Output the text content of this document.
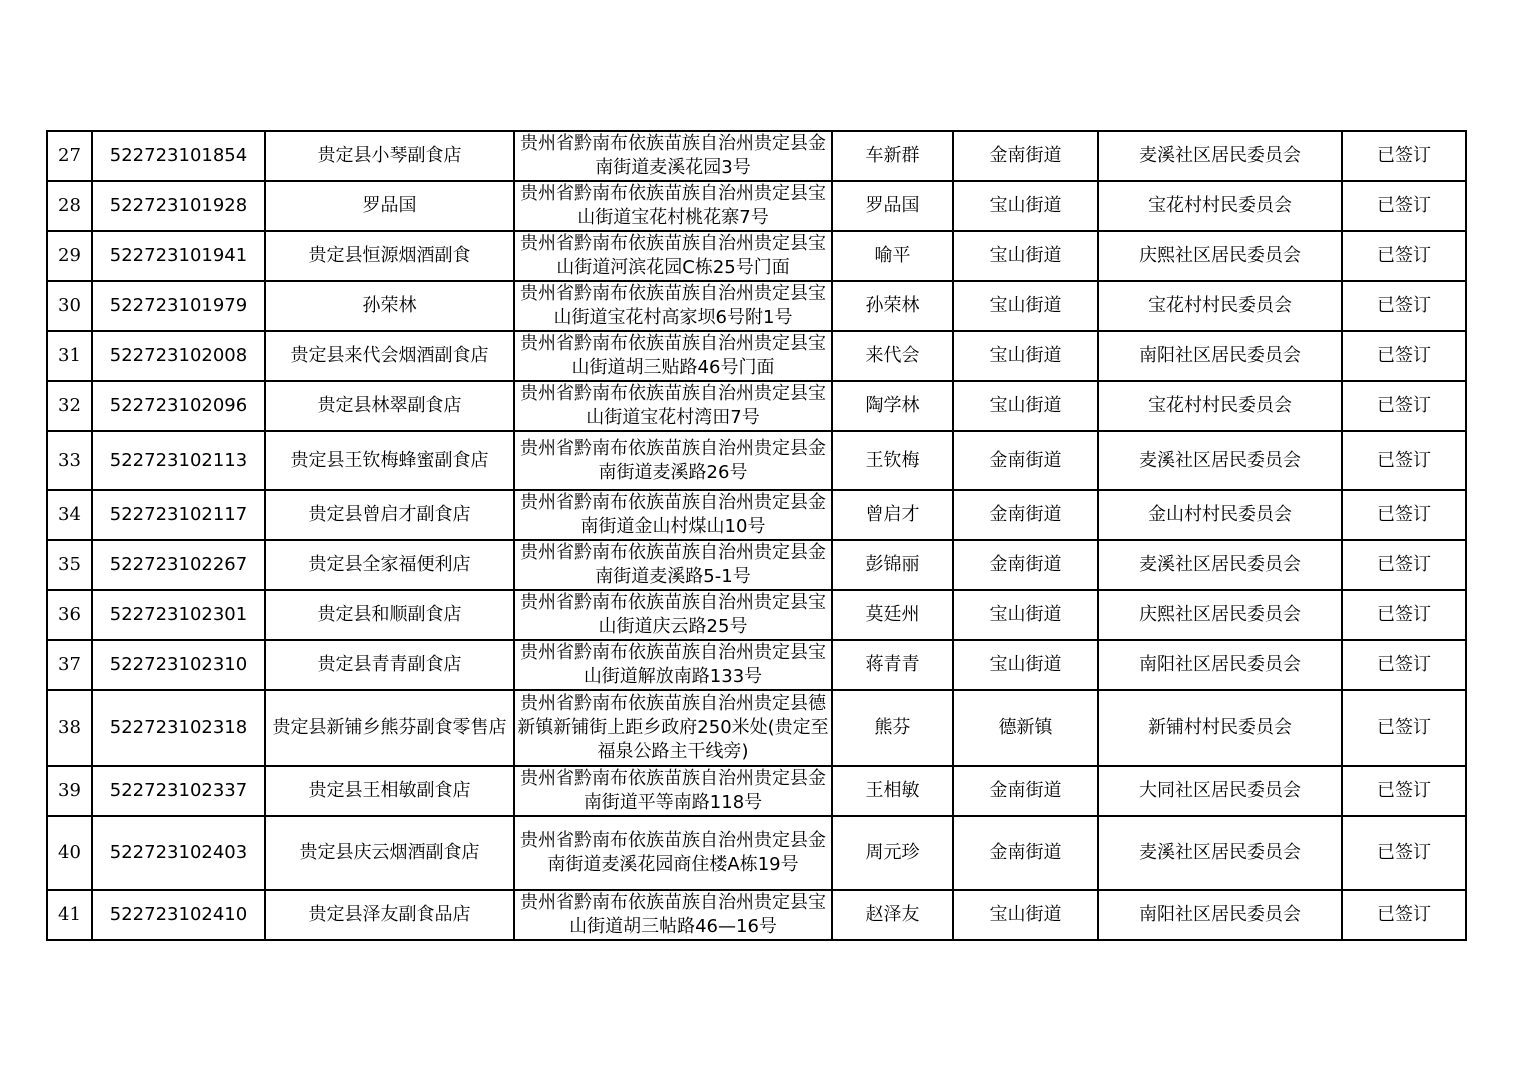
27	522723101854	贵定县小琴副食店	贵州省黔南布依族苗族自治州贵定县金南街道麦溪花园3号	车新群	金南街道	麦溪社区居民委员会	已签订
28	522723101928	罗品国	贵州省黔南布依族苗族自治州贵定县宝山街道宝花村桃花寨7号	罗品国	宝山街道	宝花村村民委员会	已签订
29	522723101941	贵定县恒源烟酒副食	贵州省黔南布依族苗族自治州贵定县宝山街道河滨花园C栋25号门面	喻平	宝山街道	庆熙社区居民委员会	已签订
30	522723101979	孙荣林	贵州省黔南布依族苗族自治州贵定县宝山街道宝花村高家坝6号附1号	孙荣林	宝山街道	宝花村村民委员会	已签订
31	522723102008	贵定县来代会烟酒副食店	贵州省黔南布依族苗族自治州贵定县宝山街道胡三贴路46号门面	来代会	宝山街道	南阳社区居民委员会	已签订
32	522723102096	贵定县林翠副食店	贵州省黔南布依族苗族自治州贵定县宝山街道宝花村湾田7号	陶学林	宝山街道	宝花村村民委员会	已签订
33	522723102113	贵定县王钦梅蜂蜜副食店	贵州省黔南布依族苗族自治州贵定县金南街道麦溪路26号	王钦梅	金南街道	麦溪社区居民委员会	已签订
34	522723102117	贵定县曾启才副食店	贵州省黔南布依族苗族自治州贵定县金南街道金山村煤山10号	曾启才	金南街道	金山村村民委员会	已签订
35	522723102267	贵定县全家福便利店	贵州省黔南布依族苗族自治州贵定县金南街道麦溪路5-1号	彭锦丽	金南街道	麦溪社区居民委员会	已签订
36	522723102301	贵定县和顺副食店	贵州省黔南布依族苗族自治州贵定县宝山街道庆云路25号	莫廷州	宝山街道	庆熙社区居民委员会	已签订
37	522723102310	贵定县青青副食店	贵州省黔南布依族苗族自治州贵定县宝山街道解放南路133号	蒋青青	宝山街道	南阳社区居民委员会	已签订
38	522723102318	贵定县新铺乡熊芬副食零售店	贵州省黔南布依族苗族自治州贵定县德新镇新铺街上距乡政府250米处(贵定至福泉公路主干线旁)	熊芬	德新镇	新铺村村民委员会	已签订
39	522723102337	贵定县王相敏副食店	贵州省黔南布依族苗族自治州贵定县金南街道平等南路118号	王相敏	金南街道	大同社区居民委员会	已签订
40	522723102403	贵定县庆云烟酒副食店	贵州省黔南布依族苗族自治州贵定县金南街道麦溪花园商住楼A栋19号	周元珍	金南街道	麦溪社区居民委员会	已签订
41	522723102410	贵定县泽友副食品店	贵州省黔南布依族苗族自治州贵定县宝山街道胡三帖路46—16号	赵泽友	宝山街道	南阳社区居民委员会	已签订
